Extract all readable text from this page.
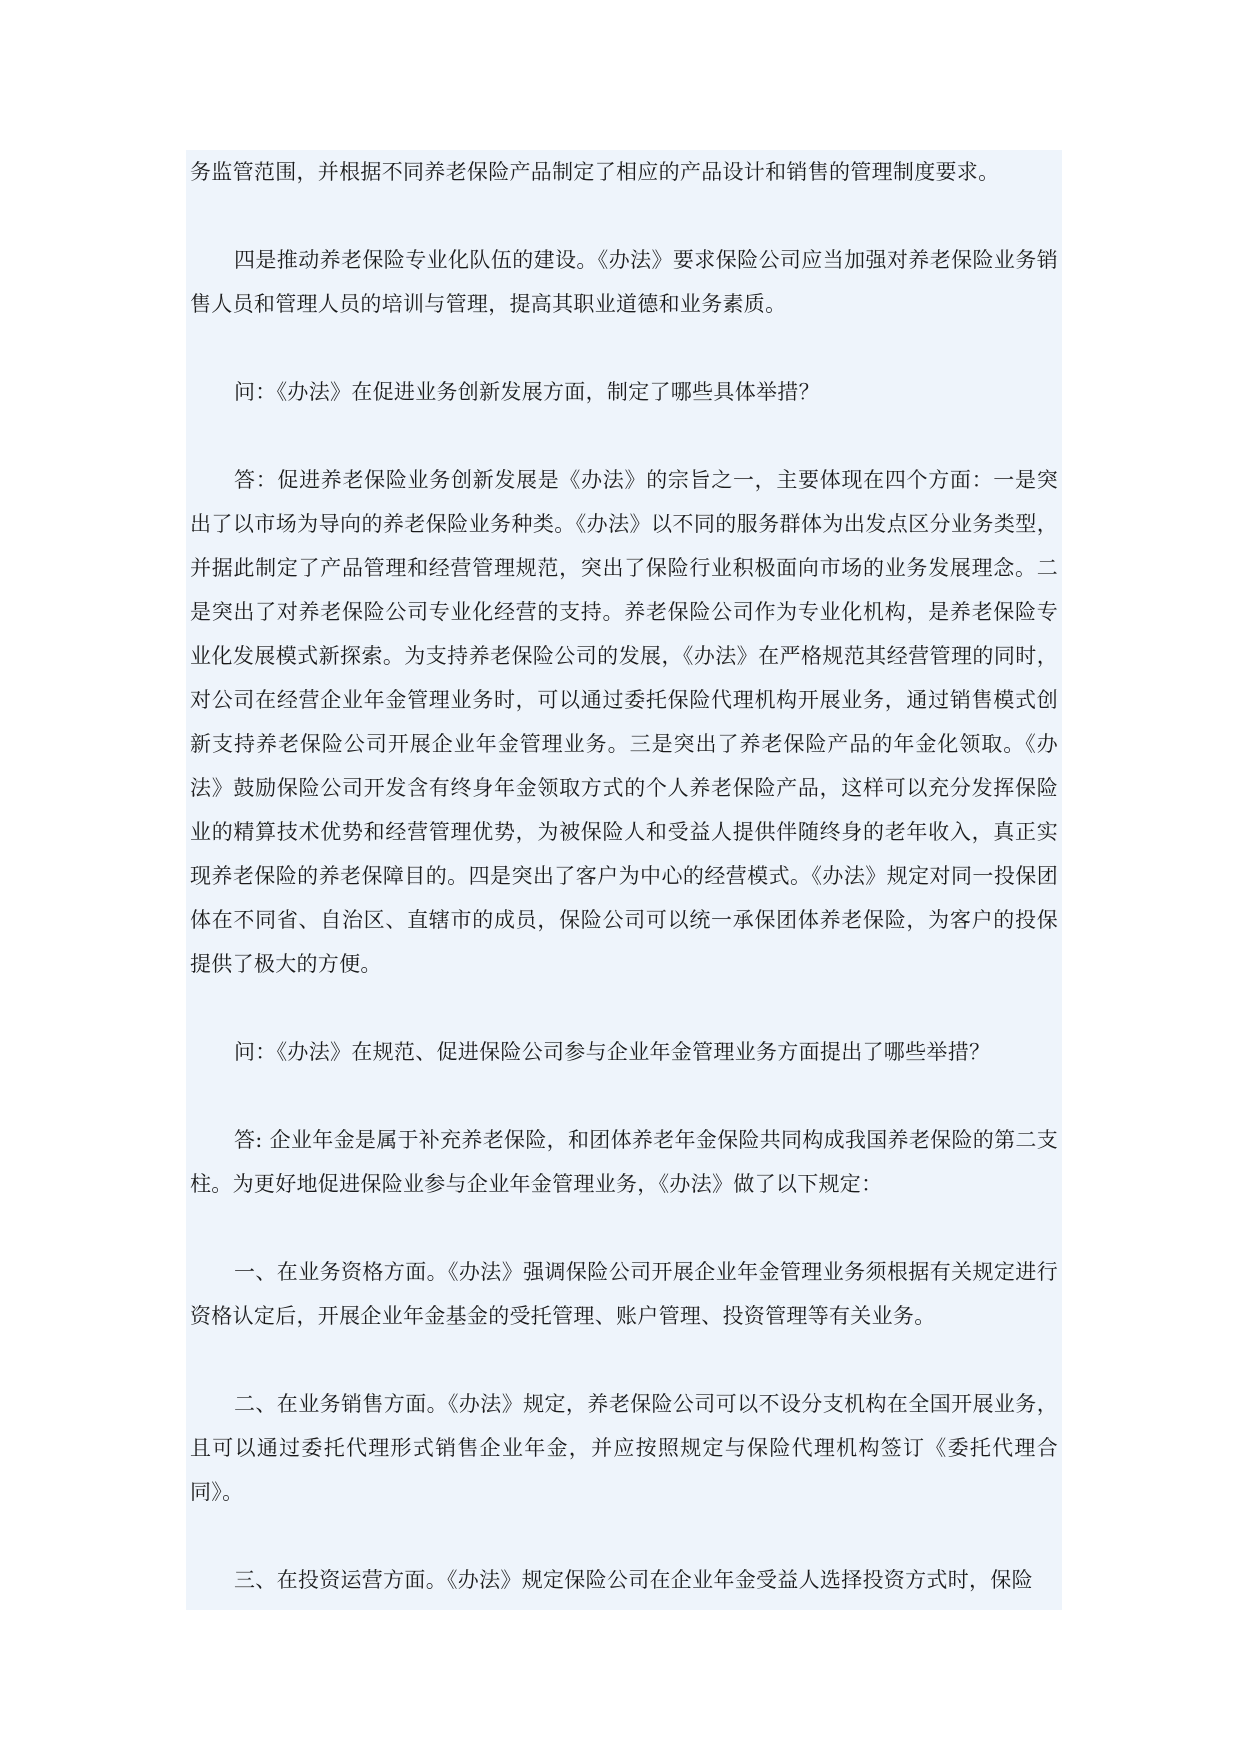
务监管范围，并根据不同养老保险产品制定了相应的产品设计和销售的管理制度要求。

四是推动养老保险专业化队伍的建设。《办法》要求保险公司应当加强对养老保险业务销售人员和管理人员的培训与管理，提高其职业道德和业务素质。

问：《办法》在促进业务创新发展方面，制定了哪些具体举措？

答：促进养老保险业务创新发展是《办法》的宗旨之一，主要体现在四个方面：一是突出了以市场为导向的养老保险业务种类。《办法》以不同的服务群体为出发点区分业务类型，并据此制定了产品管理和经营管理规范，突出了保险行业积极面向市场的业务发展理念。二是突出了对养老保险公司专业化经营的支持。养老保险公司作为专业化机构，是养老保险专业化发展模式新探索。为支持养老保险公司的发展，《办法》在严格规范其经营管理的同时，对公司在经营企业年金管理业务时，可以通过委托保险代理机构开展业务，通过销售模式创新支持养老保险公司开展企业年金管理业务。三是突出了养老保险产品的年金化领取。《办法》鼓励保险公司开发含有终身年金领取方式的个人养老保险产品，这样可以充分发挥保险业的精算技术优势和经营管理优势，为被保险人和受益人提供伴随终身的老年收入，真正实现养老保险的养老保障目的。四是突出了客户为中心的经营模式。《办法》规定对同一投保团体在不同省、自治区、直辖市的成员，保险公司可以统一承保团体养老保险，为客户的投保提供了极大的方便。

问：《办法》在规范、促进保险公司参与企业年金管理业务方面提出了哪些举措？

答: 企业年金是属于补充养老保险，和团体养老年金保险共同构成我国养老保险的第二支柱。为更好地促进保险业参与企业年金管理业务，《办法》做了以下规定：

一、在业务资格方面。《办法》强调保险公司开展企业年金管理业务须根据有关规定进行资格认定后，开展企业年金基金的受托管理、账户管理、投资管理等有关业务。

二、在业务销售方面。《办法》规定，养老保险公司可以不设分支机构在全国开展业务，且可以通过委托代理形式销售企业年金，并应按照规定与保险代理机构签订《委托代理合同》。

三、在投资运营方面。《办法》规定保险公司在企业年金受益人选择投资方式时，保险
